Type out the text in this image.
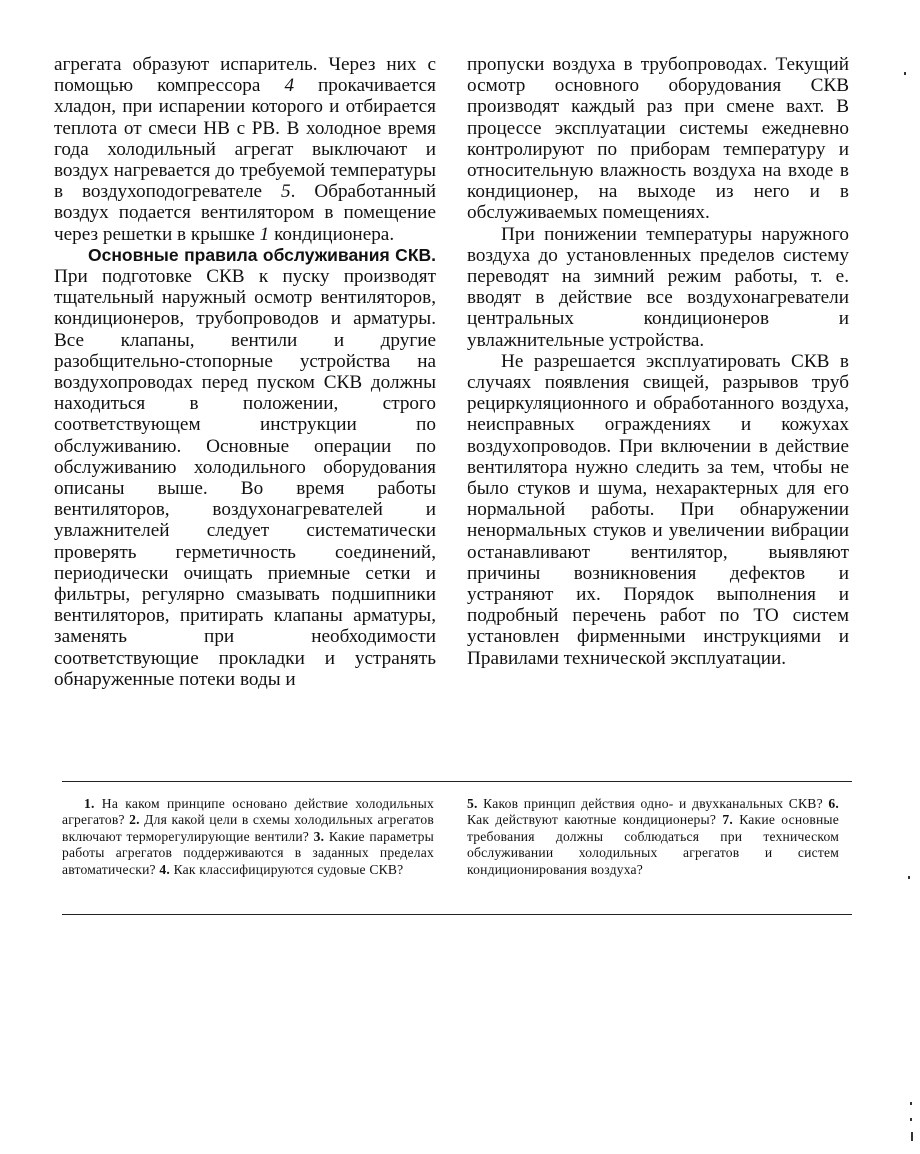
агрегата образуют испаритель. Через них с помощью компрессора 4 прокачивается хладон, при испарении которого и отбирается теплота от смеси НВ с РВ. В холодное время года холодильный агрегат выключают и воздух нагревается до требуемой температуры в воздухоподогревателе 5. Обработанный воздух подается вентилятором в помещение через решетки в крышке 1 кондиционера.

Основные правила обслуживания СКВ. При подготовке СКВ к пуску производят тщательный наружный осмотр вентиляторов, кондиционеров, трубопроводов и арматуры. Все клапаны, вентили и другие разобщительно-стопорные устройства на воздухопроводах перед пуском СКВ должны находиться в положении, строго соответствующем инструкции по обслуживанию. Основные операции по обслуживанию холодильного оборудования описаны выше. Во время работы вентиляторов, воздухонагревателей и увлажнителей следует систематически проверять герметичность соединений, периодически очищать приемные сетки и фильтры, регулярно смазывать подшипники вентиляторов, притирать клапаны арматуры, заменять при необходимости соответствующие прокладки и устранять обнаруженные потеки воды и

пропуски воздуха в трубопроводах. Текущий осмотр основного оборудования СКВ производят каждый раз при смене вахт. В процессе эксплуатации системы ежедневно контролируют по приборам температуру и относительную влажность воздуха на входе в кондиционер, на выходе из него и в обслуживаемых помещениях.

При понижении температуры наружного воздуха до установленных пределов систему переводят на зимний режим работы, т. е. вводят в действие все воздухонагреватели центральных кондиционеров и увлажнительные устройства.

Не разрешается эксплуатировать СКВ в случаях появления свищей, разрывов труб рециркуляционного и обработанного воздуха, неисправных ограждениях и кожухах воздухопроводов. При включении в действие вентилятора нужно следить за тем, чтобы не было стуков и шума, нехарактерных для его нормальной работы. При обнаружении ненормальных стуков и увеличении вибрации останавливают вентилятор, выявляют причины возникновения дефектов и устраняют их. Порядок выполнения и подробный перечень работ по ТО систем установлен фирменными инструкциями и Правилами технической эксплуатации.

1. На каком принципе основано действие холодильных агрегатов? 2. Для какой цели в схемы холодильных агрегатов включают терморегулирующие вентили? 3. Какие параметры работы агрегатов поддерживаются в заданных пределах автоматически? 4. Как классифицируются судовые СКВ?

5. Каков принцип действия одно- и двухканальных СКВ? 6. Как действуют каютные кондиционеры? 7. Какие основные требования должны соблюдаться при техническом обслуживании холодильных агрегатов и систем кондиционирования воздуха?
